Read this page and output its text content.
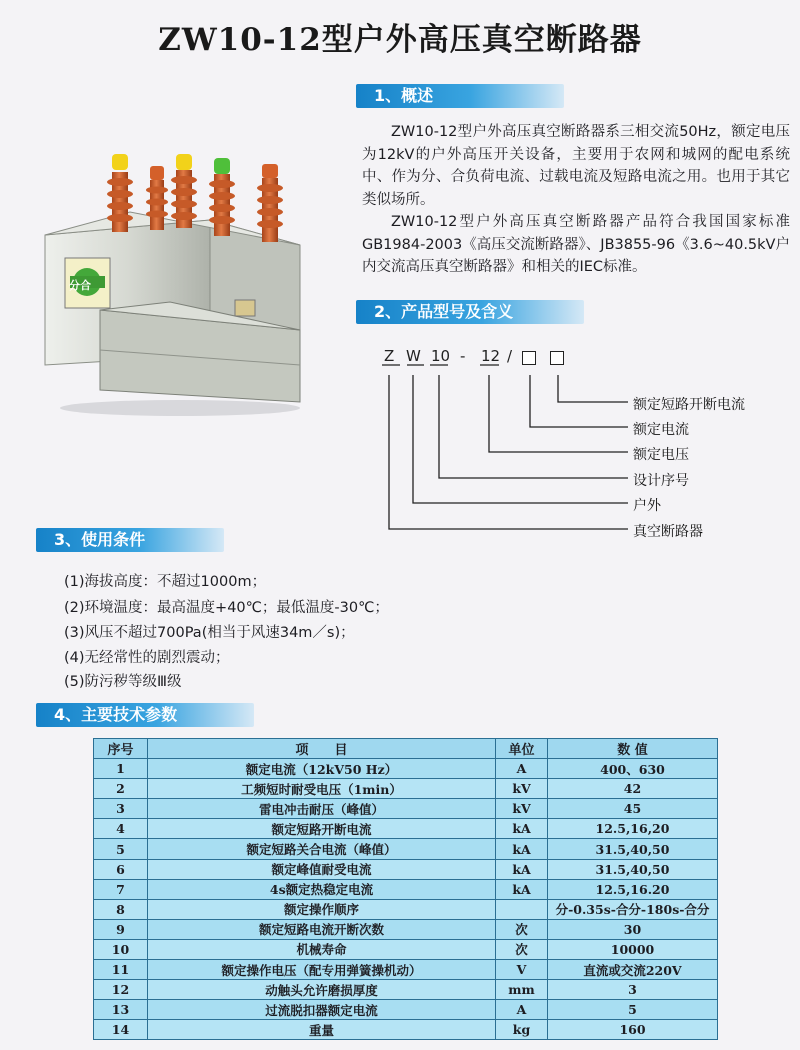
ZW10-12型户外高压真空断路器
分合
1、概述

ZW10-12型户外高压真空断路器系三相交流50Hz，额定电压为12kV的户外高压开关设备，主要用于农网和城网的配电系统中、作为分、合负荷电流、过载电流及短路电流之用。也用于其它类似场所。

ZW10-12型户外高压真空断路器产品符合我国国家标准GB1984-2003《高压交流断路器》、JB3855-96《3.6~40.5kV户内交流高压真空断路器》和相关的IEC标准。

2、产品型号及含义
Z W 10 - 12 /
额定短路开断电流
额定电流
额定电压
设计序号
户外
真空断路器
3、使用条件
(1)海拔高度：不超过1000m；
(2)环境温度：最高温度+40℃；最低温度-30℃；
(3)风压不超过700Pa(相当于风速34m／s)；
(4)无经常性的剧烈震动；
(5)防污秽等级Ⅲ级
4、主要技术参数
序号	项　　目	单位	数 值
1	额定电流（12kV50 Hz）	A	400、630
2	工频短时耐受电压（1min）	kV	42
3	雷电冲击耐压（峰值）	kV	45
4	额定短路开断电流	kA	12.5,16,20
5	额定短路关合电流（峰值）	kA	31.5,40,50
6	额定峰值耐受电流	kA	31.5,40,50
7	4s额定热稳定电流	kA	12.5,16.20
8	额定操作顺序		分-0.35s-合分-180s-合分
9	额定短路电流开断次数	次	30
10	机械寿命	次	10000
11	额定操作电压（配专用弹簧操机动）	V	直流或交流220V
12	动触头允许磨损厚度	mm	3
13	过流脱扣器额定电流	A	5
14	重量	kg	160
